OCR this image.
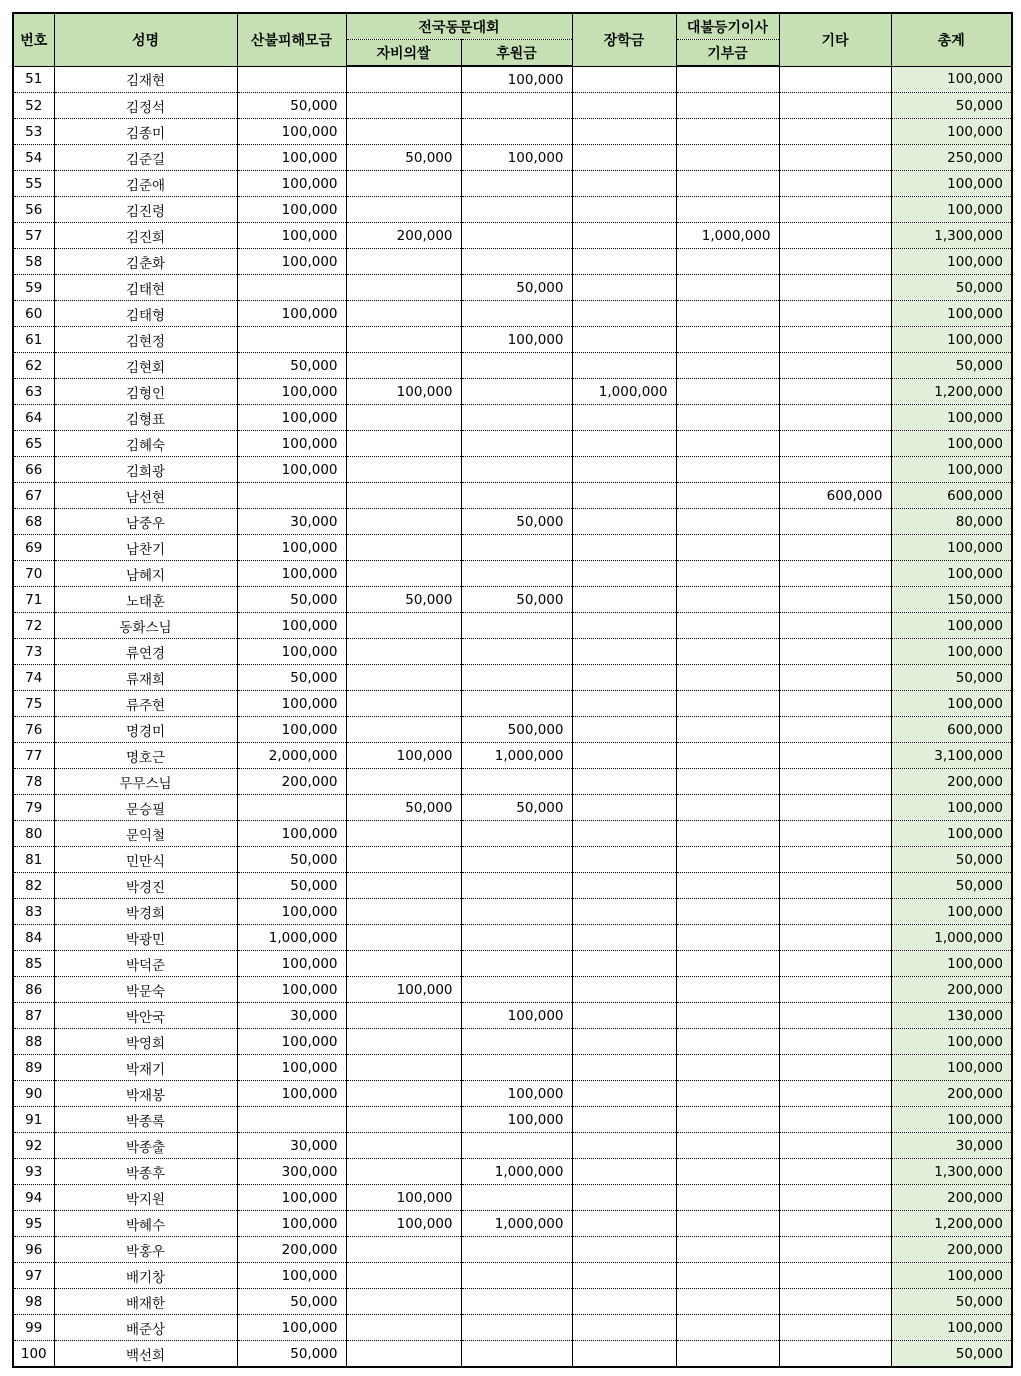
번호	성명	산불피해모금	전국동문대회		장학금	대불등기이사	기타	총계
			자비의쌀	후원금		기부금		
51	김재현			100,000				100,000
52	김정석	50,000						50,000
53	김종미	100,000						100,000
54	김준길	100,000	50,000	100,000				250,000
55	김준애	100,000						100,000
56	김진령	100,000						100,000
57	김진희	100,000	200,000			1,000,000		1,300,000
58	김춘화	100,000						100,000
59	김태현			50,000				50,000
60	김태형	100,000						100,000
61	김현정			100,000				100,000
62	김현회	50,000						50,000
63	김형인	100,000	100,000		1,000,000			1,200,000
64	김형표	100,000						100,000
65	김혜숙	100,000						100,000
66	김희광	100,000						100,000
67	남선현						600,000	600,000
68	남중우	30,000		50,000				80,000
69	남찬기	100,000						100,000
70	남혜지	100,000						100,000
71	노태훈	50,000	50,000	50,000				150,000
72	동화스님	100,000						100,000
73	류연경	100,000						100,000
74	류재희	50,000						50,000
75	류주현	100,000						100,000
76	명경미	100,000		500,000				600,000
77	명호근	2,000,000	100,000	1,000,000				3,100,000
78	무무스님	200,000						200,000
79	문승필		50,000	50,000				100,000
80	문익철	100,000						100,000
81	민만식	50,000						50,000
82	박경진	50,000						50,000
83	박경희	100,000						100,000
84	박광민	1,000,000						1,000,000
85	박덕준	100,000						100,000
86	박문숙	100,000	100,000					200,000
87	박안국	30,000		100,000				130,000
88	박영희	100,000						100,000
89	박재기	100,000						100,000
90	박재봉	100,000		100,000				200,000
91	박종록			100,000				100,000
92	박종출	30,000						30,000
93	박종후	300,000		1,000,000				1,300,000
94	박지원	100,000	100,000					200,000
95	박혜수	100,000	100,000	1,000,000				1,200,000
96	박홍우	200,000						200,000
97	배기창	100,000						100,000
98	배재한	50,000						50,000
99	배준상	100,000						100,000
100	백선희	50,000						50,000
